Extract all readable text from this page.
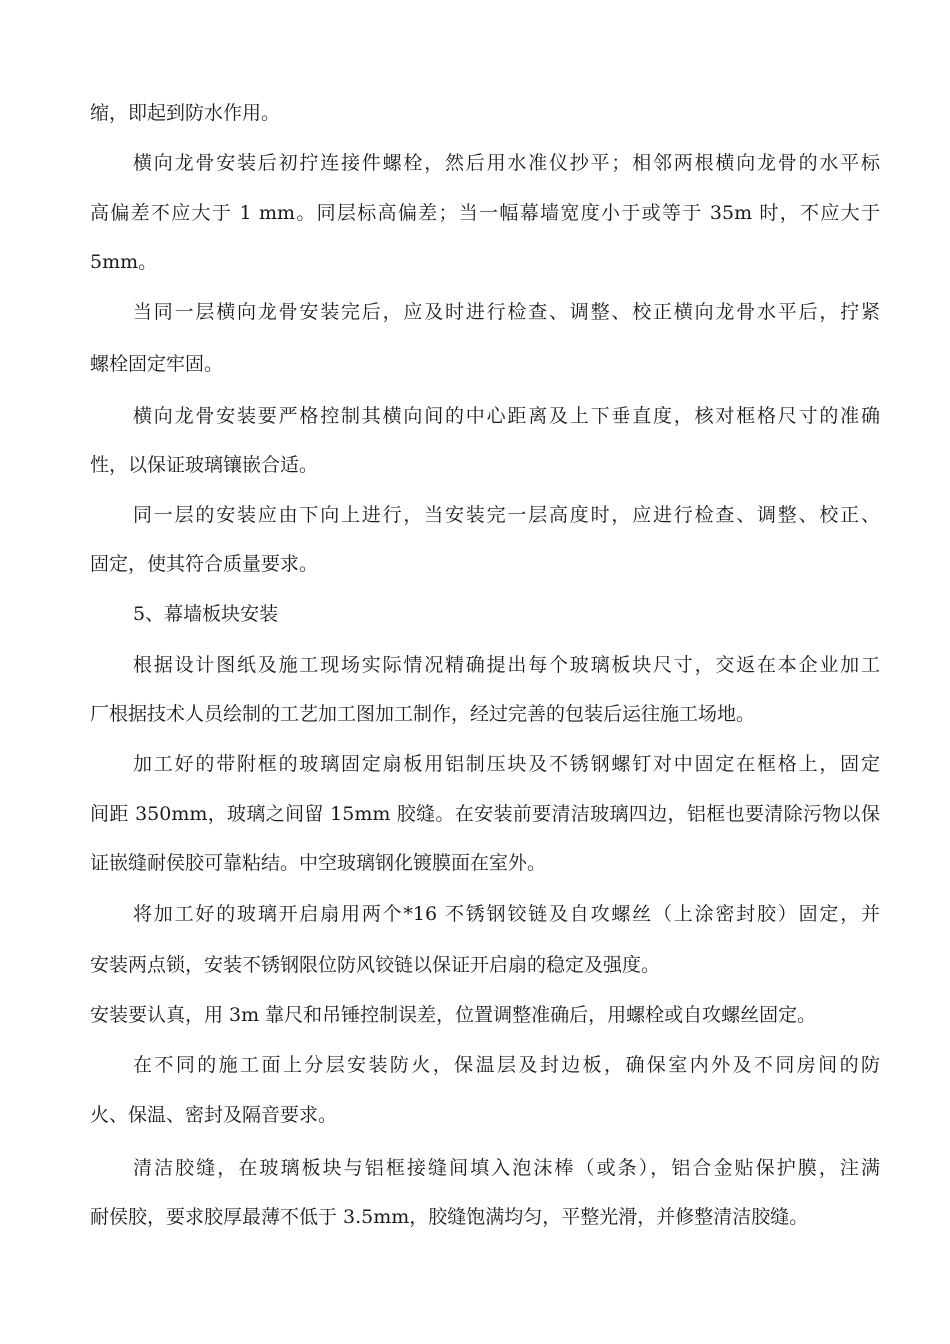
缩，即起到防水作用。
横向龙骨安装后初拧连接件螺栓，然后用水准仪抄平；相邻两根横向龙骨的水平标
高偏差不应大于 1 mm。同层标高偏差；当一幅幕墙宽度小于或等于 35m 时，不应大于
5mm。
当同一层横向龙骨安装完后，应及时进行检查、调整、校正横向龙骨水平后，拧紧
螺栓固定牢固。
横向龙骨安装要严格控制其横向间的中心距离及上下垂直度，核对框格尺寸的准确
性，以保证玻璃镶嵌合适。
同一层的安装应由下向上进行，当安装完一层高度时，应进行检查、调整、校正、
固定，使其符合质量要求。
5、幕墙板块安装
根据设计图纸及施工现场实际情况精确提出每个玻璃板块尺寸，交返在本企业加工
厂根据技术人员绘制的工艺加工图加工制作，经过完善的包装后运往施工场地。
加工好的带附框的玻璃固定扇板用铝制压块及不锈钢螺钉对中固定在框格上，固定
间距 350mm，玻璃之间留 15mm 胶缝。在安装前要清洁玻璃四边，铝框也要清除污物以保
证嵌缝耐侯胶可靠粘结。中空玻璃钢化镀膜面在室外。
将加工好的玻璃开启扇用两个*16 不锈钢铰链及自攻螺丝（上涂密封胶）固定，并
安装两点锁，安装不锈钢限位防风铰链以保证开启扇的稳定及强度。
安装要认真，用 3m 靠尺和吊锤控制误差，位置调整准确后，用螺栓或自攻螺丝固定。
在不同的施工面上分层安装防火，保温层及封边板，确保室内外及不同房间的防
火、保温、密封及隔音要求。
清洁胶缝，在玻璃板块与铝框接缝间填入泡沫棒（或条），铝合金贴保护膜，注满
耐侯胶，要求胶厚最薄不低于 3.5mm，胶缝饱满均匀，平整光滑，并修整清洁胶缝。
